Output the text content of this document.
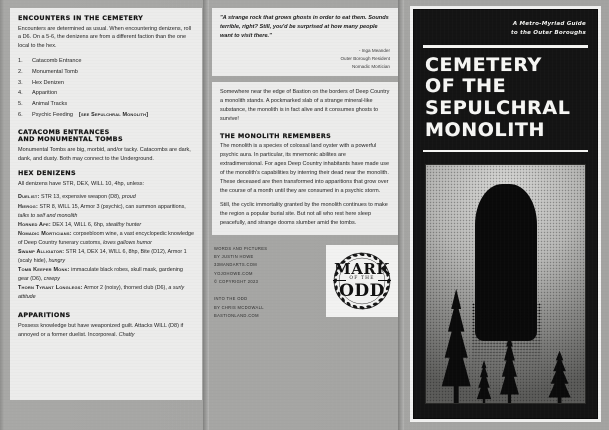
ENCOUNTERS IN THE CEMETERY

Encounters are determined as usual. When encountering denizens, roll a D6. On a 5-6, the denizens are from a different faction than the one local to the hex.

1.	Catacomb Entrance
2.	Monumental Tomb
3.	Hex Denizen
4.	Apparition
5.	Animal Tracks
6.	Psychic Feeding [see Sepulchral Monolith]
CATACOMB ENTRANCES
AND MONUMENTAL TOMBS

Monumental Tombs are big, morbid, and/or tacky. Catacombs are dark, dank, and dusty. Both may connect to the Underground.

HEX DENIZENS

All denizens have STR, DEX, WILL 10, 4hp, unless:

Duelist: STR 13, expensive weapon (D8), proud
Hierog: STR 8, WILL 15, Armor 3 (psychic), can summon apparitions, talks to self and monolith
Horned Ape: DEX 14, WILL 6, 6hp, stealthy hunter
Nomadic Morticians: corpsebloom wine, a vast encyclopedic knowledge of Deep Country funerary customs, loves gallows humor
Swamp Alligator: STR 14, DEX 14, WILL 6, 8hp, Bite (D12), Armor 1 (scaly hide), hungry
Tomb Keeper Monk: immaculate black robes, skull mask, gardening gear (D6), creepy
Thorn Tyrant Longlegs: Armor 2 (noisy), thorned club (D6), a surly attitude
APPARITIONS

Possess knowledge but have weaponized guilt. Attacks WILL (D8) if annoyed or a former duelist. Incorporeal. Chatty

"A strange rock that grows ghosts in order to eat them. Sounds terrible, right? Still, you'd be surprised at how many people want to visit there."

- Inga Meander
Outer Borough Resident
Nomadic Mortician

Somewhere near the edge of Bastion on the borders of Deep Country a monolith stands. A pockmarked slab of a strange mineral-like substance, the monolith is in fact alive and it consumes ghosts to survive!

THE MONOLITH REMEMBERS

The monolith is a species of colossal land oyster with a powerful psychic aura. In particular, its mnemonic abilites are extradimensional. For ages Deep Country inhabitants have made use of the monolith's capabilities by interring their dead near the monolith. These deceased are then transformed into apparitions that grow over the course of a month until they are consumed in a psychic storm.

Still, the cyclic immortality granted by the monolith continues to make the region a popular burial site. But not all who rest here sleep peacefully, and strange dooms slumber amid the tombs.

WORDS AND PICTURES
BY JUSTIN HOWE
33MANDARTS.COM
YOJOHOWE.COM
© COPYRIGHT 2023
INTO THE ODD
BY CHRIS MCDOWALL
BASTIONLAND.COM
MARK
OF THE
ODD
A Metro-Myriad Guide
to the Outer Boroughs
CEMETERY
OF THE
SEPULCHRAL
MONOLITH
